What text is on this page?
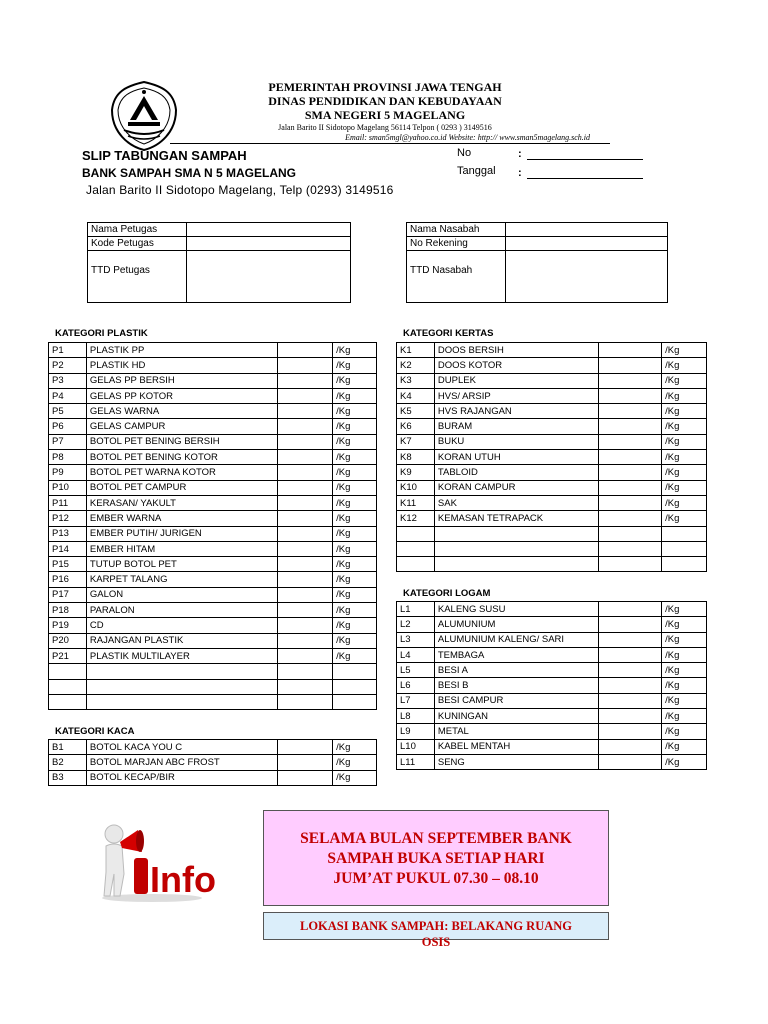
PEMERINTAH PROVINSI JAWA TENGAH
DINAS PENDIDIKAN DAN KEBUDAYAAN
SMA NEGERI 5 MAGELANG
Jalan Barito II Sidotopo Magelang 56114 Telpon ( 0293 ) 3149516
Email: sman5mgl@yahoo.co.id Website: http:// www.sman5magelang.sch.id
SLIP TABUNGAN SAMPAH
BANK SAMPAH SMA N 5 MAGELANG
Jalan Barito II Sidotopo Magelang, Telp (0293) 3149516
No	:
Tanggal :
Nama Petugas	
Kode Petugas	
TTD Petugas	
Nama Nasabah	
No Rekening	
TTD Nasabah	
KATEGORI PLASTIK	KATEGORI KERTAS
KATEGORI LOGAM
KATEGORI KACA
P1	PLASTIK PP		/Kg
P2	PLASTIK HD		/Kg
P3	GELAS PP BERSIH		/Kg
P4	GELAS PP KOTOR		/Kg
P5	GELAS WARNA		/Kg
P6	GELAS CAMPUR		/Kg
P7	BOTOL PET BENING BERSIH		/Kg
P8	BOTOL PET BENING KOTOR		/Kg
P9	BOTOL PET WARNA KOTOR		/Kg
P10	BOTOL PET CAMPUR		/Kg
P11	KERASAN/ YAKULT		/Kg
P12	EMBER WARNA		/Kg
P13	EMBER PUTIH/ JURIGEN		/Kg
P14	EMBER HITAM		/Kg
P15	TUTUP BOTOL PET		/Kg
P16	KARPET TALANG		/Kg
P17	GALON		/Kg
P18	PARALON		/Kg
P19	CD		/Kg
P20	RAJANGAN PLASTIK		/Kg
P21	PLASTIK MULTILAYER		/Kg

B1	BOTOL KACA YOU C		/Kg
B2	BOTOL MARJAN ABC FROST		/Kg
B3	BOTOL KECAP/BIR		/Kg
K1	DOOS BERSIH		/Kg
K2	DOOS KOTOR		/Kg
K3	DUPLEK		/Kg
K4	HVS/ ARSIP		/Kg
K5	HVS RAJANGAN		/Kg
K6	BURAM		/Kg
K7	BUKU		/Kg
K8	KORAN UTUH		/Kg
K9	TABLOID		/Kg
K10	KORAN CAMPUR		/Kg
K11	SAK		/Kg
K12	KEMASAN TETRAPACK		/Kg

L1	KALENG SUSU		/Kg
L2	ALUMUNIUM		/Kg
L3	ALUMUNIUM KALENG/ SARI		/Kg
L4	TEMBAGA		/Kg
L5	BESI A		/Kg
L6	BESI B		/Kg
L7	BESI CAMPUR		/Kg
L8	KUNINGAN		/Kg
L9	METAL		/Kg
L10	KABEL MENTAH		/Kg
L11	SENG		/Kg
Info
SELAMA BULAN SEPTEMBER BANK
SAMPAH BUKA SETIAP HARI
JUM’AT PUKUL 07.30 – 08.10
LOKASI BANK SAMPAH: BELAKANG RUANG
OSIS
